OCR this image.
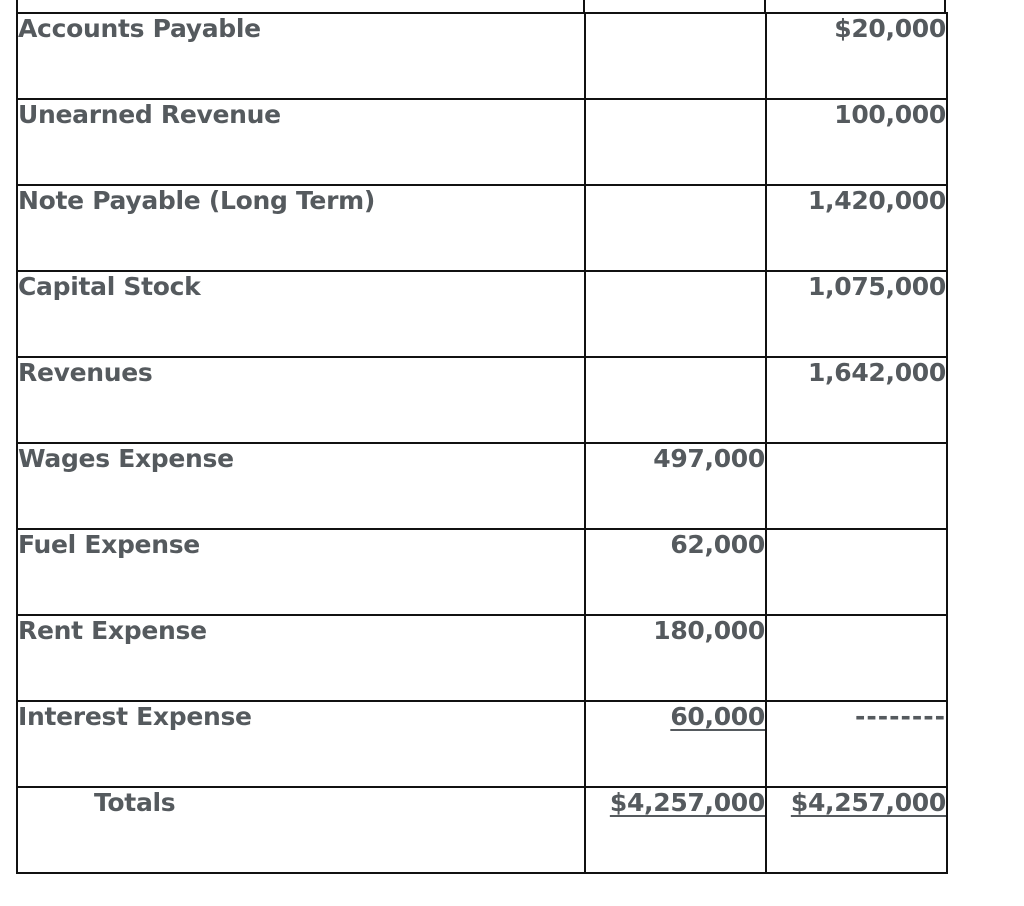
Accounts Payable		$20,000
Unearned Revenue		100,000
Note Payable (Long Term)		1,420,000
Capital Stock		1,075,000
Revenues		1,642,000
Wages Expense	497,000	
Fuel Expense	62,000	
Rent Expense	180,000	
Interest Expense	60,000	--------
Totals	$4,257,000	$4,257,000
